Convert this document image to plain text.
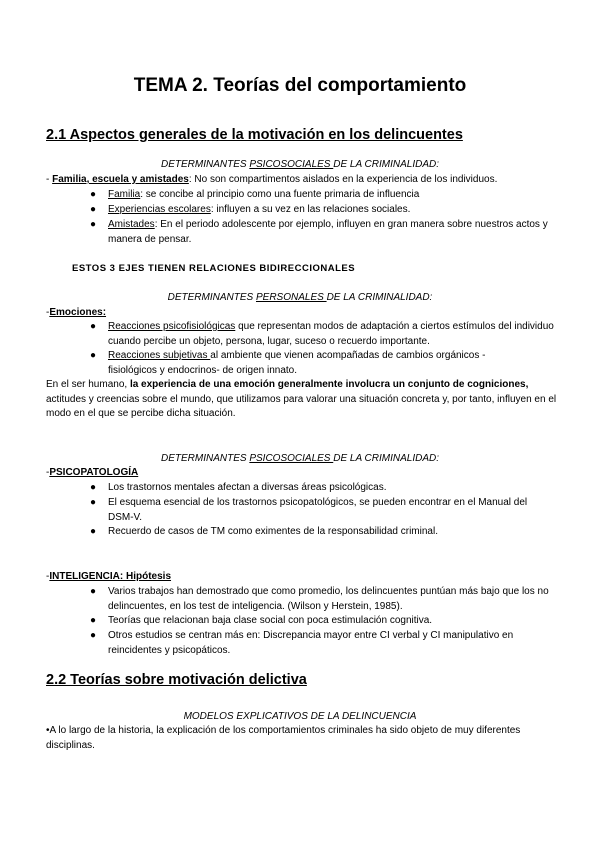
TEMA 2. Teorías del comportamiento
2.1 Aspectos generales de la motivación en los delincuentes
DETERMINANTES PSICOSOCIALES DE LA CRIMINALIDAD:
- Familia, escuela y amistades: No son compartimentos aislados en la experiencia de los individuos.
● Familia: se concibe al principio como una fuente primaria de influencia
● Experiencias escolares: influyen a su vez en las relaciones sociales.
● Amistades: En el periodo adolescente por ejemplo, influyen en gran manera sobre nuestros actos y manera de pensar.
ESTOS 3 EJES TIENEN RELACIONES BIDIRECCIONALES
DETERMINANTES PERSONALES DE LA CRIMINALIDAD:
-Emociones:
● Reacciones psicofisiológicas que representan modos de adaptación a ciertos estímulos del individuo cuando percibe un objeto, persona, lugar, suceso o recuerdo importante.
● Reacciones subjetivas al ambiente que vienen acompañadas de cambios orgánicos -fisiológicos y endocrinos- de origen innato.
En el ser humano, la experiencia de una emoción generalmente involucra un conjunto de cogniciones, actitudes y creencias sobre el mundo, que utilizamos para valorar una situación concreta y, por tanto, influyen en el modo en el que se percibe dicha situación.
DETERMINANTES PSICOSOCIALES DE LA CRIMINALIDAD:
-PSICOPATOLOGÍA
● Los trastornos mentales afectan a diversas áreas psicológicas.
● El esquema esencial de los trastornos psicopatológicos, se pueden encontrar en el Manual del DSM-V.
● Recuerdo de casos de TM como eximentes de la responsabilidad criminal.
-INTELIGENCIA: Hipótesis
● Varios trabajos han demostrado que como promedio, los delincuentes puntúan más bajo que los no delincuentes, en los test de inteligencia. (Wilson y Herstein, 1985).
● Teorías que relacionan baja clase social con poca estimulación cognitiva.
● Otros estudios se centran más en: Discrepancia mayor entre CI verbal y CI manipulativo en reincidentes y psicopáticos.
2.2 Teorías sobre motivación delictiva
MODELOS EXPLICATIVOS DE LA DELINCUENCIA
•A lo largo de la historia, la explicación de los comportamientos criminales ha sido objeto de muy diferentes disciplinas.
